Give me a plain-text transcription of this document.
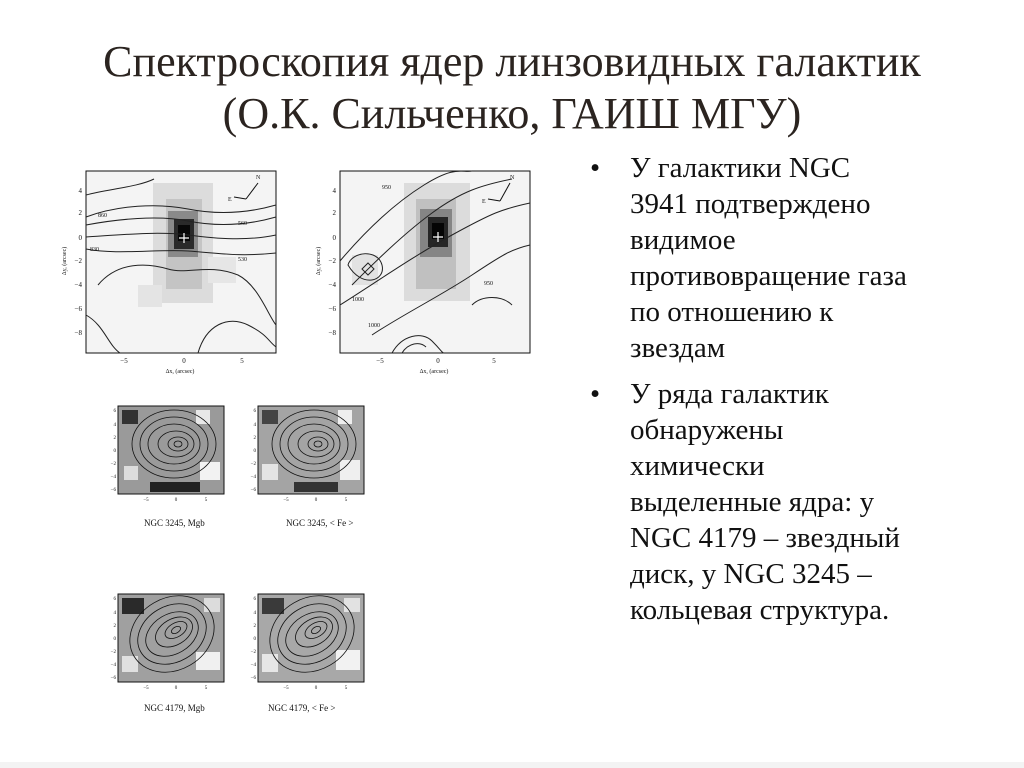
Спектроскопия ядер линзовидных галактик
(О.К. Сильченко, ГАИШ МГУ)
• У галактики NGC
3941 подтверждено
видимое
противовращение газа
по отношению к
звездам
• У ряда галактик
обнаружены
химически
выделенные ядра: у
NGC 4179 – звездный
диск, у NGC 3245 –
кольцевая структура.
N
E
860
830
530
560
4
2
0
−2
−4
−6
−8
−5	0	5
Δx, (arcsec)
Δy, (arcsec)
N
E
950
1000
1000
950
4
2
0
−2
−4
−6
−8
−5	0	5
Δx, (arcsec)
Δy, (arcsec)
6
4
2
0
−2
−4
−6
−5	0	5
NGC 3245, Mgb
6
4
2
0
−2
−4
−6
−5	0	5
NGC 3245, < Fe >
6
4
2
0
−2
−4
−6
−5	0	5
NGC 4179, Mgb
6
4
2
0
−2
−4
−6
−5	0	5
NGC 4179, < Fe >
